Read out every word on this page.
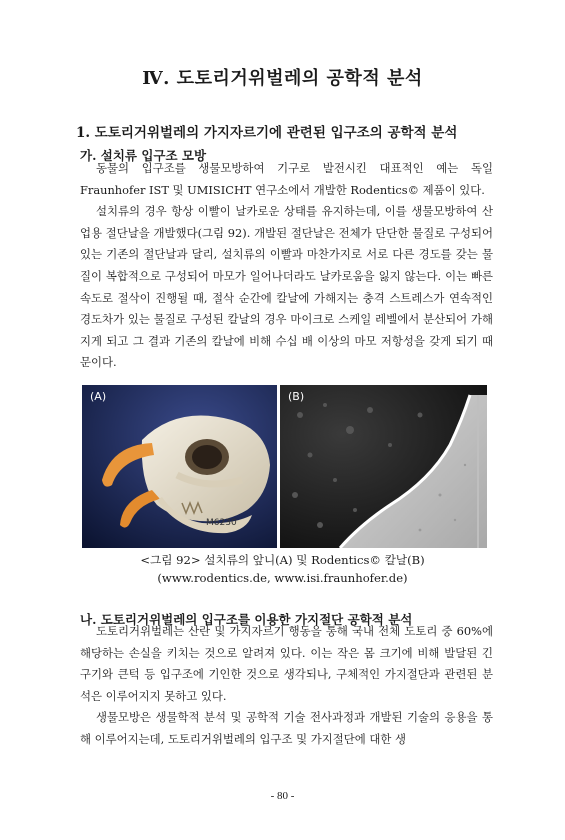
Ⅳ. 도토리거위벌레의 공학적 분석
1. 도토리거위벌레의 가지자르기에 관련된 입구조의 공학적 분석
가. 설치류 입구조 모방

동물의 입구조를 생물모방하여 기구로 발전시킨 대표적인 예는 독일 Fraunhofer IST 및 UMISICHT 연구소에서 개발한 Rodentics© 제품이 있다.

설치류의 경우 항상 이빨이 날카로운 상태를 유지하는데, 이를 생물모방하여 산업용 절단날을 개발했다(그림 92). 개발된 절단날은 전체가 단단한 물질로 구성되어 있는 기존의 절단날과 달리, 설치류의 이빨과 마찬가지로 서로 다른 경도를 갖는 물질이 복합적으로 구성되어 마모가 일어나더라도 날카로움을 잃지 않는다. 이는 빠른 속도로 절삭이 진행될 때, 절삭 순간에 칼날에 가해지는 충격 스트레스가 연속적인 경도차가 있는 물질로 구성된 칼날의 경우 마이크로 스케일 레벨에서 분산되어 가해지게 되고 그 결과 기존의 칼날에 비해 수십 배 이상의 마모 저항성을 갖게 되기 때문이다.

M6230
(A)	(B)
<그림 92> 설치류의 앞니(A) 및 Rodentics© 칼날(B)
(www.rodentics.de, www.isi.fraunhofer.de)
나. 도토리거위벌레의 입구조를 이용한 가지절단 공학적 분석

도토리거위벌레는 산란 및 가지자르기 행동을 통해 국내 전체 도토리 중 60%에 해당하는 손실을 키치는 것으로 알려져 있다. 이는 작은 몸 크기에 비해 발달된 긴 구기와 큰턱 등 입구조에 기인한 것으로 생각되나, 구체적인 가지절단과 관련된 분석은 이루어지지 못하고 있다.

생물모방은 생물학적 분석 및 공학적 기술 전사과정과 개발된 기술의 응용을 통해 이루어지는데, 도토리거위벌레의 입구조 및 가지절단에 대한 생

- 80 -
